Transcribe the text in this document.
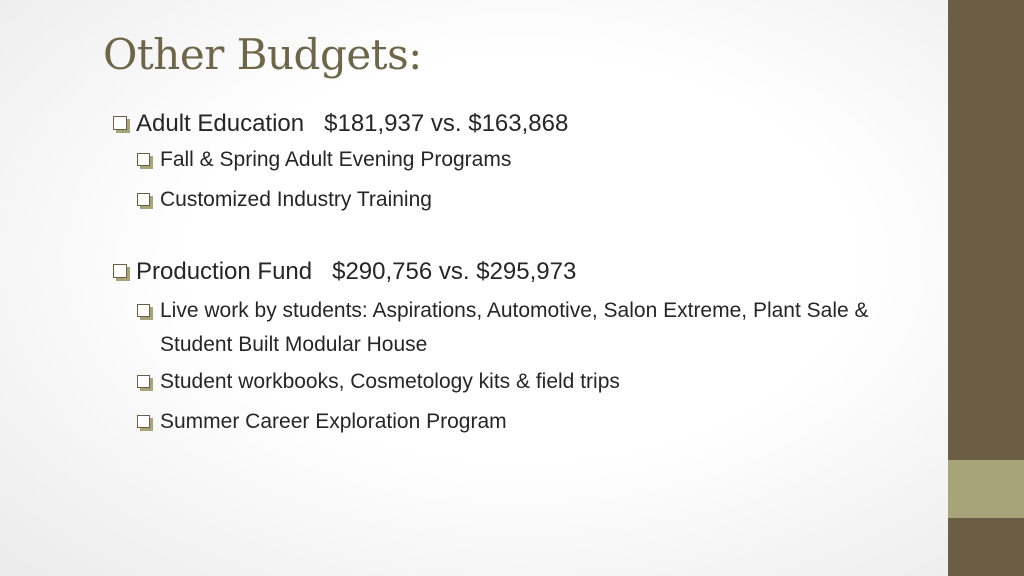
Other Budgets:
Adult Education   $181,937 vs. $163,868
Fall & Spring Adult Evening Programs
Customized Industry Training
Production Fund   $290,756 vs. $295,973
Live work by students: Aspirations, Automotive, Salon Extreme, Plant Sale & Student Built Modular House
Student workbooks, Cosmetology kits & field trips
Summer Career Exploration Program
